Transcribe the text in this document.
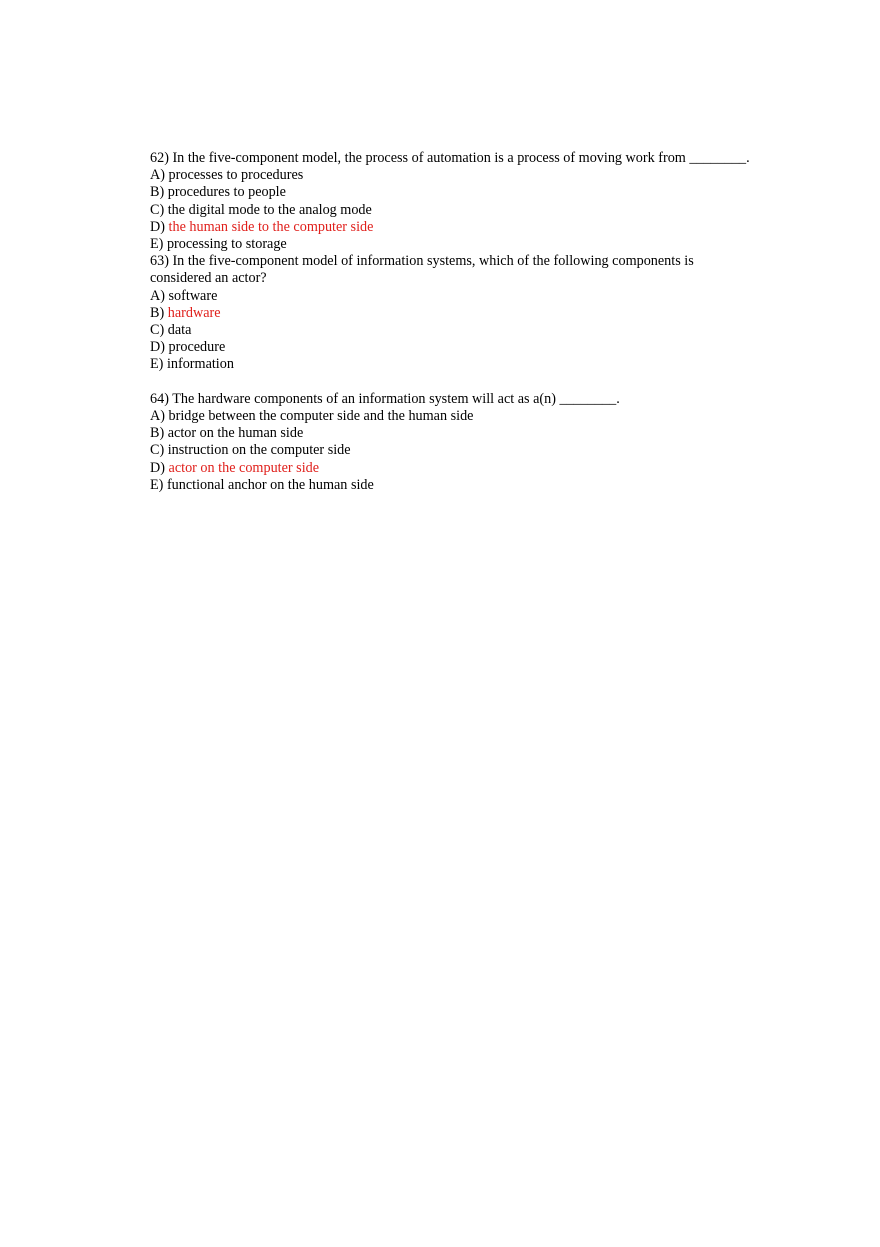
62) In the five-component model, the process of automation is a process of moving work from ________.
A) processes to procedures
B) procedures to people
C) the digital mode to the analog mode
D) the human side to the computer side
E) processing to storage
63) In the five-component model of information systems, which of the following components is considered an actor?
A) software
B) hardware
C) data
D) procedure
E) information
64) The hardware components of an information system will act as a(n) ________.
A) bridge between the computer side and the human side
B) actor on the human side
C) instruction on the computer side
D) actor on the computer side
E) functional anchor on the human side
